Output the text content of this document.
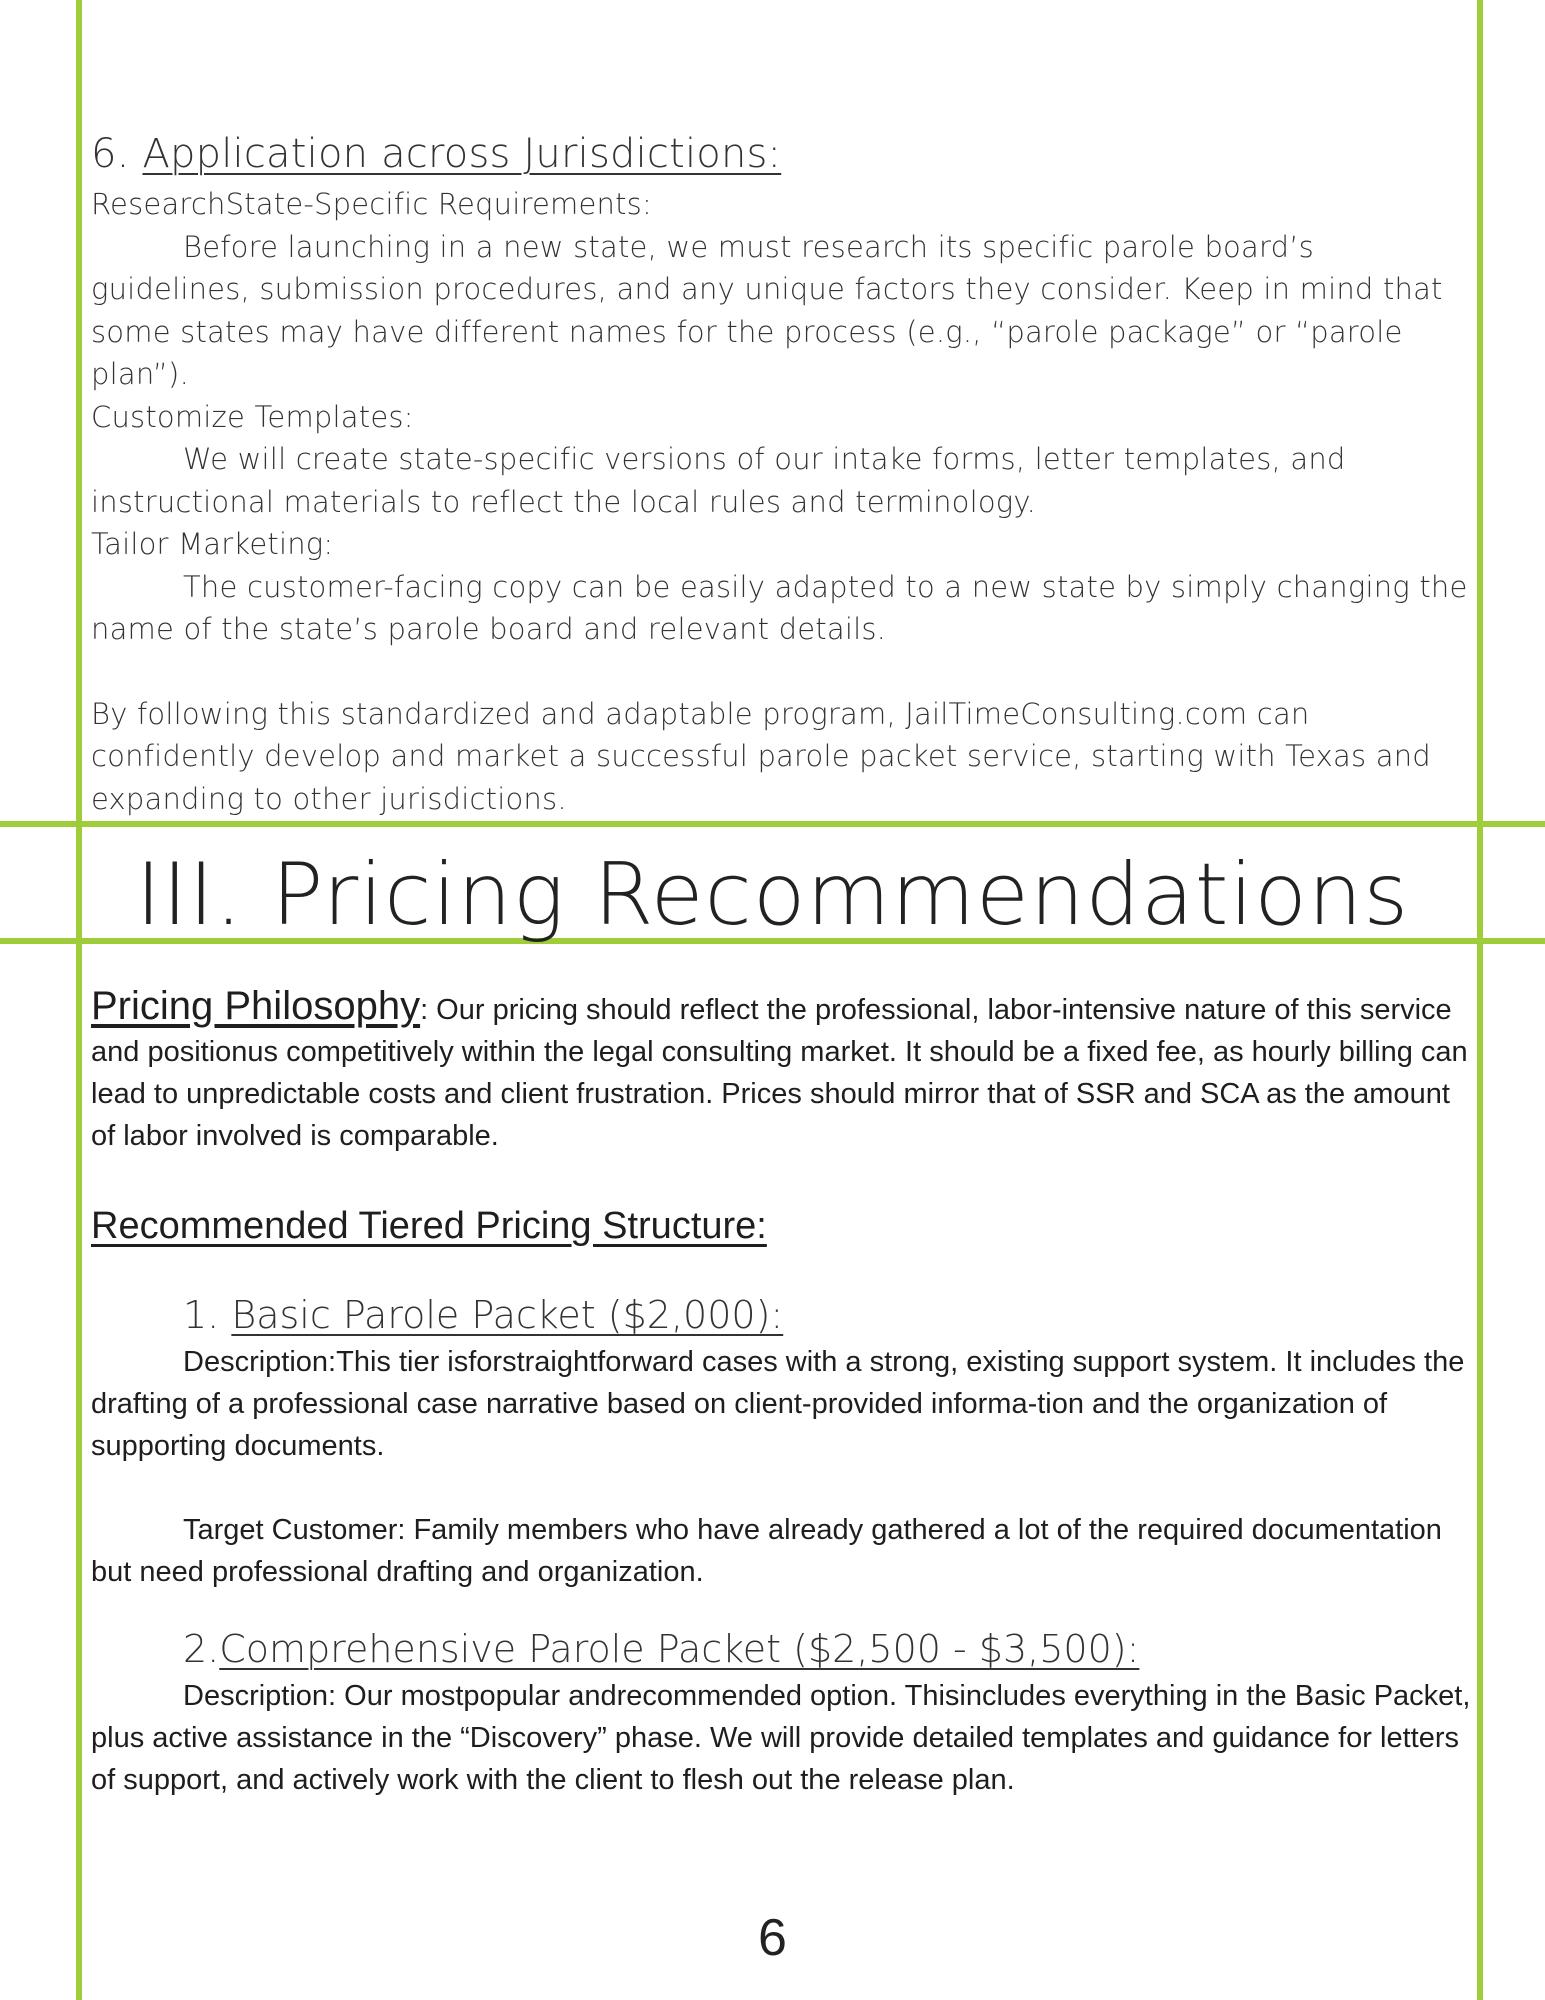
6. Application across Jurisdictions:

ResearchState-Specific Requirements:

Before launching in a new state, we must research its specific parole board’s guidelines, submission procedures, and any unique factors they consider. Keep in mind that some states may have different names for the process (e.g., “parole package” or “parole plan”).

Customize Templates:

We will create state-specific versions of our intake forms, letter templates, and instructional materials to reflect the local rules and terminology.

Tailor Marketing:

The customer-facing copy can be easily adapted to a new state by simply changing the name of the state’s parole board and relevant details.

By following this standardized and adaptable program, JailTimeConsulting.com can confidently develop and market a successful parole packet service, starting with Texas and expanding to other jurisdictions.

III. Pricing Recommendations

Pricing Philosophy: Our pricing should reflect the professional, labor-intensive nature of this service and positionus competitively within the legal consulting market. It should be a fixed fee, as hourly billing can lead to unpredictable costs and client frustration. Prices should mirror that of SSR and SCA as the amount of labor involved is comparable.

Recommended Tiered Pricing Structure:

1. Basic Parole Packet ($2,000):

Description:This tier isforstraightforward cases with a strong, existing support system. It includes the drafting of a professional case narrative based on client-provided informa-tion and the organization of supporting documents.

Target Customer: Family members who have already gathered a lot of the required documentation but need professional drafting and organization.

2.Comprehensive Parole Packet ($2,500 - $3,500):

Description: Our mostpopular andrecommended option. Thisincludes everything in the Basic Packet, plus active assistance in the “Discovery” phase. We will provide detailed templates and guidance for letters of support, and actively work with the client to flesh out the release plan.

6
